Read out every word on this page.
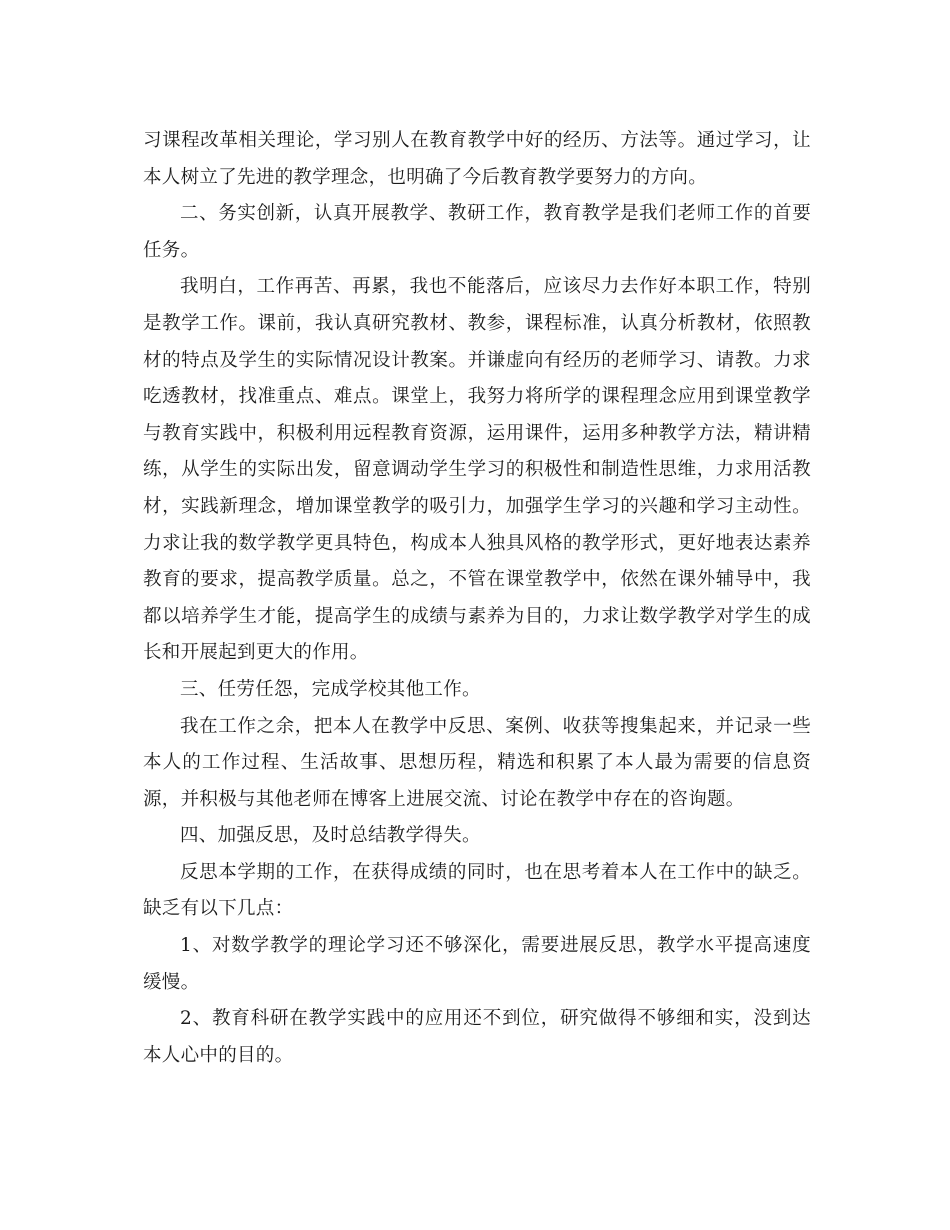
习课程改革相关理论，学习别人在教育教学中好的经历、方法等。通过学习，让本人树立了先进的教学理念，也明确了今后教育教学要努力的方向。

二、务实创新，认真开展教学、教研工作，教育教学是我们老师工作的首要任务。

我明白，工作再苦、再累，我也不能落后，应该尽力去作好本职工作，特别是教学工作。课前，我认真研究教材、教参，课程标准，认真分析教材，依照教材的特点及学生的实际情况设计教案。并谦虚向有经历的老师学习、请教。力求吃透教材，找准重点、难点。课堂上，我努力将所学的课程理念应用到课堂教学与教育实践中，积极利用远程教育资源，运用课件，运用多种教学方法，精讲精练，从学生的实际出发，留意调动学生学习的积极性和制造性思维，力求用活教材，实践新理念，增加课堂教学的吸引力，加强学生学习的兴趣和学习主动性。力求让我的数学教学更具特色，构成本人独具风格的教学形式，更好地表达素养教育的要求，提高教学质量。总之，不管在课堂教学中，依然在课外辅导中，我都以培养学生才能，提高学生的成绩与素养为目的，力求让数学教学对学生的成长和开展起到更大的作用。

三、任劳任怨，完成学校其他工作。

我在工作之余，把本人在教学中反思、案例、收获等搜集起来，并记录一些本人的工作过程、生活故事、思想历程，精选和积累了本人最为需要的信息资源，并积极与其他老师在博客上进展交流、讨论在教学中存在的咨询题。

四、加强反思，及时总结教学得失。

反思本学期的工作，在获得成绩的同时，也在思考着本人在工作中的缺乏。缺乏有以下几点：

1、对数学教学的理论学习还不够深化，需要进展反思，教学水平提高速度缓慢。

2、教育科研在教学实践中的应用还不到位，研究做得不够细和实，没到达本人心中的目的。
